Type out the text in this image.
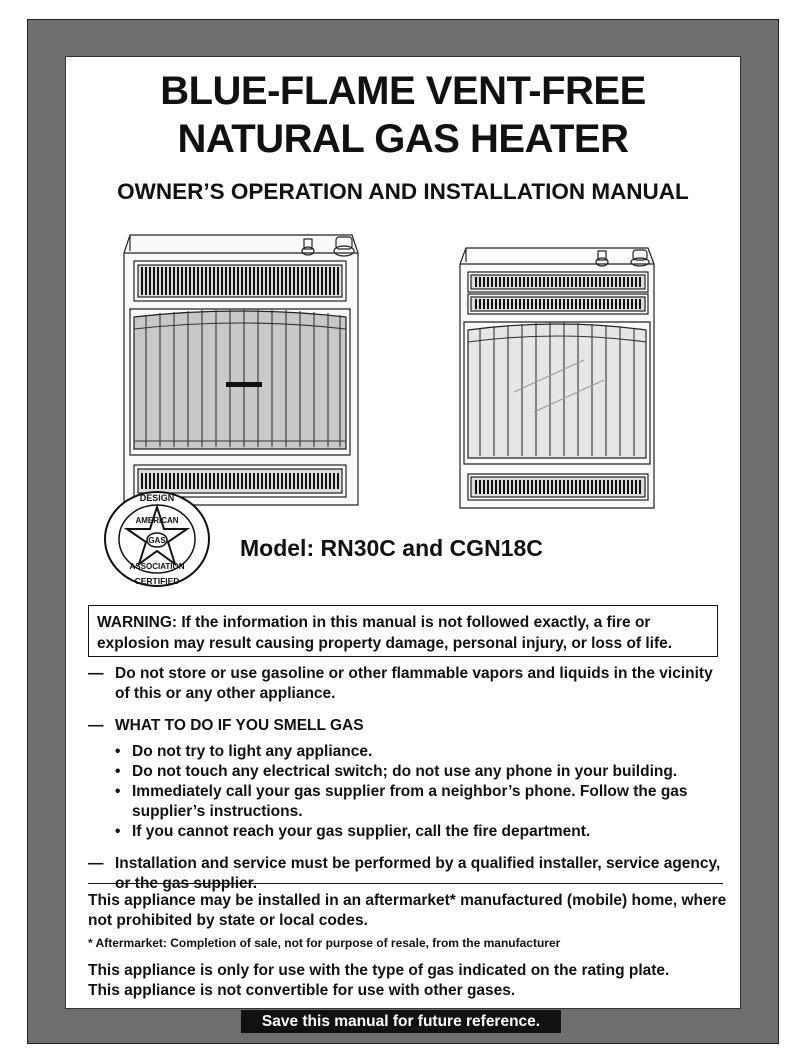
BLUE-FLAME VENT-FREE
NATURAL GAS HEATER
OWNER’S OPERATION AND INSTALLATION MANUAL
DESIGN
AMERICAN
GAS
ASSOCIATION
CERTIFIED
Model: RN30C and CGN18C
WARNING: If the information in this manual is not followed exactly, a fire or explosion may result causing property damage, personal injury, or loss of life.
— Do not store or use gasoline or other flammable vapors and liquids in the vicinity of this or any other appliance.
— WHAT TO DO IF YOU SMELL GAS
• Do not try to light any appliance.
• Do not touch any electrical switch; do not use any phone in your building.
• Immediately call your gas supplier from a neighbor’s phone. Follow the gas supplier’s instructions.
• If you cannot reach your gas supplier, call the fire department.
— Installation and service must be performed by a qualified installer, service agency, or the gas supplier.
This appliance may be installed in an aftermarket* manufactured (mobile) home, where not prohibited by state or local codes.
* Aftermarket: Completion of sale, not for purpose of resale, from the manufacturer
This appliance is only for use with the type of gas indicated on the rating plate.
This appliance is not convertible for use with other gases.
Save this manual for future reference.
